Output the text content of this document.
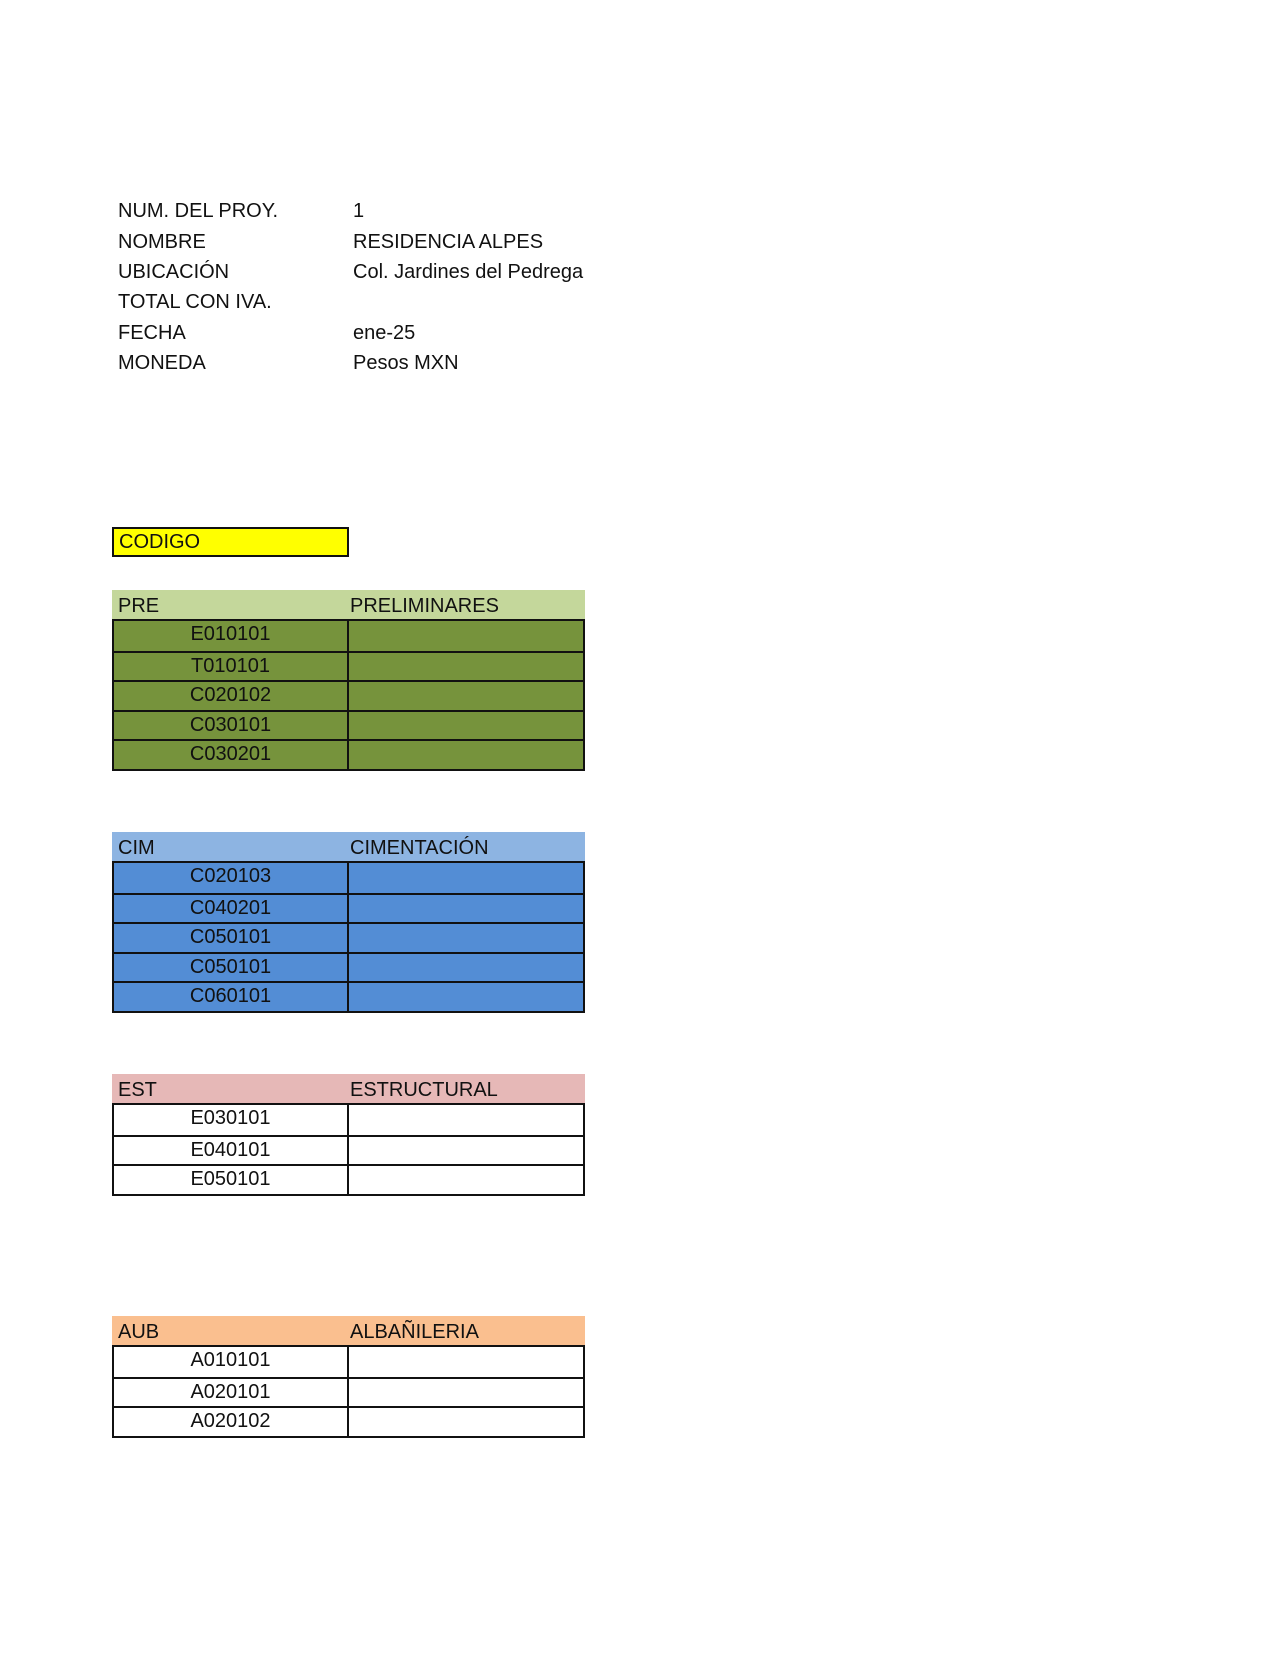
NUM. DEL PROY.	1
NOMBRE	RESIDENCIA ALPES
UBICACIÓN	Col. Jardines del Pedrega
TOTAL CON IVA.
FECHA	ene-25
MONEDA	Pesos MXN
CODIGO
PRE	PRELIMINARES
E010101
T010101
C020102
C030101
C030201
CIM	CIMENTACIÓN
C020103
C040201
C050101
C050101
C060101
EST	ESTRUCTURAL
E030101
E040101
E050101
AUB	ALBAÑILERIA
A010101
A020101
A020102
